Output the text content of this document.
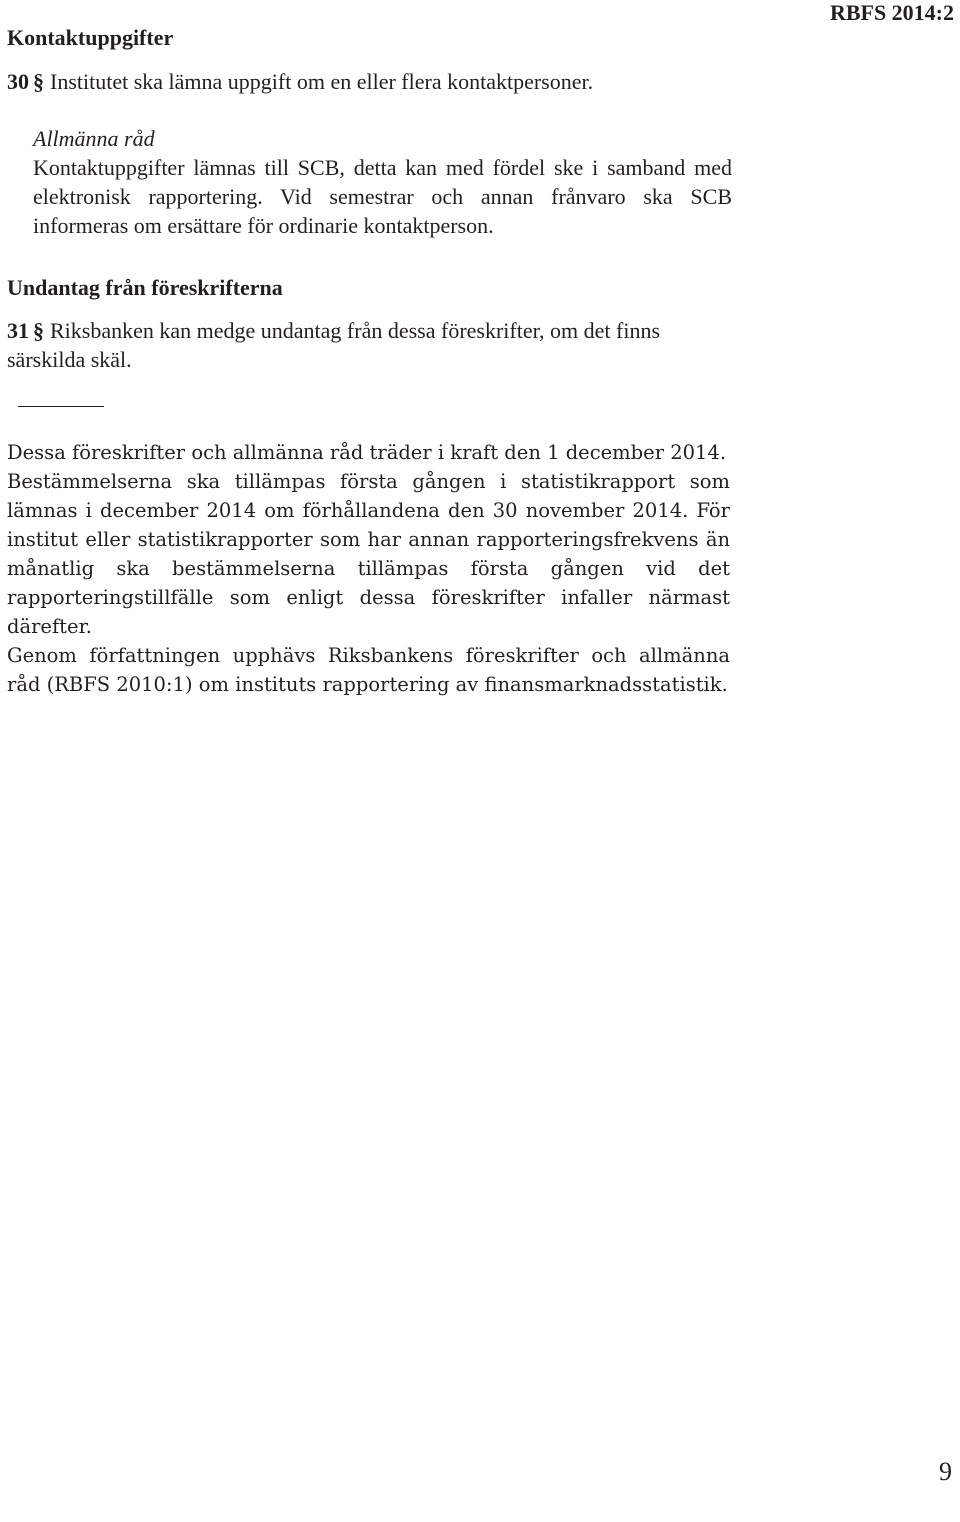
RBFS 2014:2
Kontaktuppgifter
30 § Institutet ska lämna uppgift om en eller flera kontaktpersoner.
Allmänna råd
Kontaktuppgifter lämnas till SCB, detta kan med fördel ske i samband med elektronisk rapportering. Vid semestrar och annan frånvaro ska SCB informeras om ersättare för ordinarie kontaktperson.
Undantag från föreskrifterna
31 § Riksbanken kan medge undantag från dessa föreskrifter, om det finns särskilda skäl.

Dessa föreskrifter och allmänna råd träder i kraft den 1 december 2014.

Bestämmelserna ska tillämpas första gången i statistikrapport som lämnas i december 2014 om förhållandena den 30 november 2014. För institut eller statistikrapporter som har annan rapporteringsfrekvens än månatlig ska bestämmelserna tillämpas första gången vid det rapporteringstillfälle som enligt dessa föreskrifter infaller närmast därefter.

Genom författningen upphävs Riksbankens föreskrifter och allmänna råd (RBFS 2010:1) om instituts rapportering av finansmarknadsstatistik.

9
